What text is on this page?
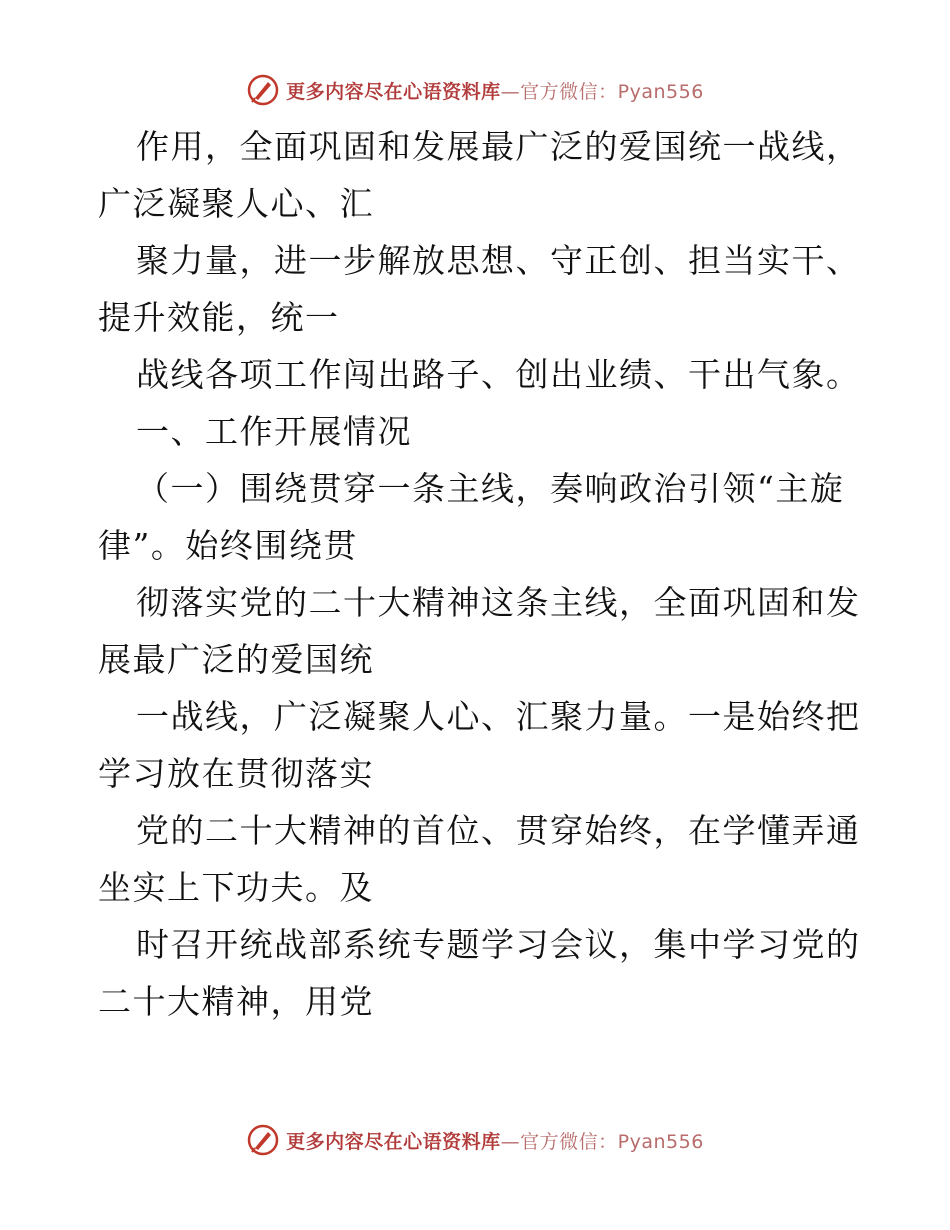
更多内容尽在心语资料库—官方微信：Pyan556
作用，全面巩固和发展最广泛的爱国统一战线，
广泛凝聚人心、汇
聚力量，进一步解放思想、守正创、担当实干、
提升效能，统一
战线各项工作闯出路子、创出业绩、干出气象。
一、工作开展情况
（一）围绕贯穿一条主线，奏响政治引领“主旋
律”。始终围绕贯
彻落实党的二十大精神这条主线，全面巩固和发
展最广泛的爱国统
一战线，广泛凝聚人心、汇聚力量。一是始终把
学习放在贯彻落实
党的二十大精神的首位、贯穿始终，在学懂弄通
坐实上下功夫。及
时召开统战部系统专题学习会议，集中学习党的
二十大精神，用党
更多内容尽在心语资料库—官方微信：Pyan556
